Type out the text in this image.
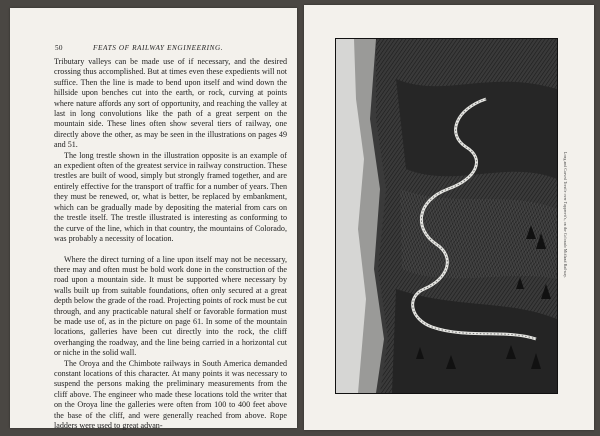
50	FEATS OF RAILWAY ENGINEERING.

Tributary valleys can be made use of if necessary, and the desired crossing thus accomplished. But at times even these expedients will not suffice. Then the line is made to bend upon itself and wind down the hillside upon benches cut into the earth, or rock, curving at points where nature affords any sort of opportunity, and reaching the valley at last in long convolutions like the path of a great serpent on the mountain side. These lines often show several tiers of railway, one directly above the other, as may be seen in the illustrations on pages 49 and 51.

The long trestle shown in the illustration opposite is an example of an expedient often of the greatest service in railway construction. These trestles are built of wood, simply but strongly framed together, and are entirely effective for the transport of traffic for a number of years. Then they must be renewed, or, what is better, be replaced by embankment, which can be gradually made by depositing the material from cars on the trestle itself. The trestle illustrated is interesting as conforming to the curve of the line, which in that country, the mountains of Colorado, was probably a necessity of location.

Where the direct turning of a line upon itself may not be necessary, there may and often must be bold work done in the construction of the road upon a mountain side. It must be supported where necessary by walls built up from suitable foundations, often only secured at a great depth below the grade of the road. Projecting points of rock must be cut through, and any practicable natural shelf or favorable formation must be made use of, as in the picture on page 61. In some of the mountain locations, galleries have been cut directly into the rock, the cliff overhanging the roadway, and the line being carried in a horizontal cut or niche in the solid wall.

The Oroya and the Chimbote railways in South America demanded constant locations of this character. At many points it was necessary to suspend the persons making the preliminary measurements from the cliff above. The engineer who made these locations told the writer that on the Oroya line the galleries were often from 100 to 400 feet above the base of the cliff, and were generally reached from above. Rope ladders were used to great advan-

Long and Curved Trestle over Tapperett's, on the Colorado Midland Railway.
